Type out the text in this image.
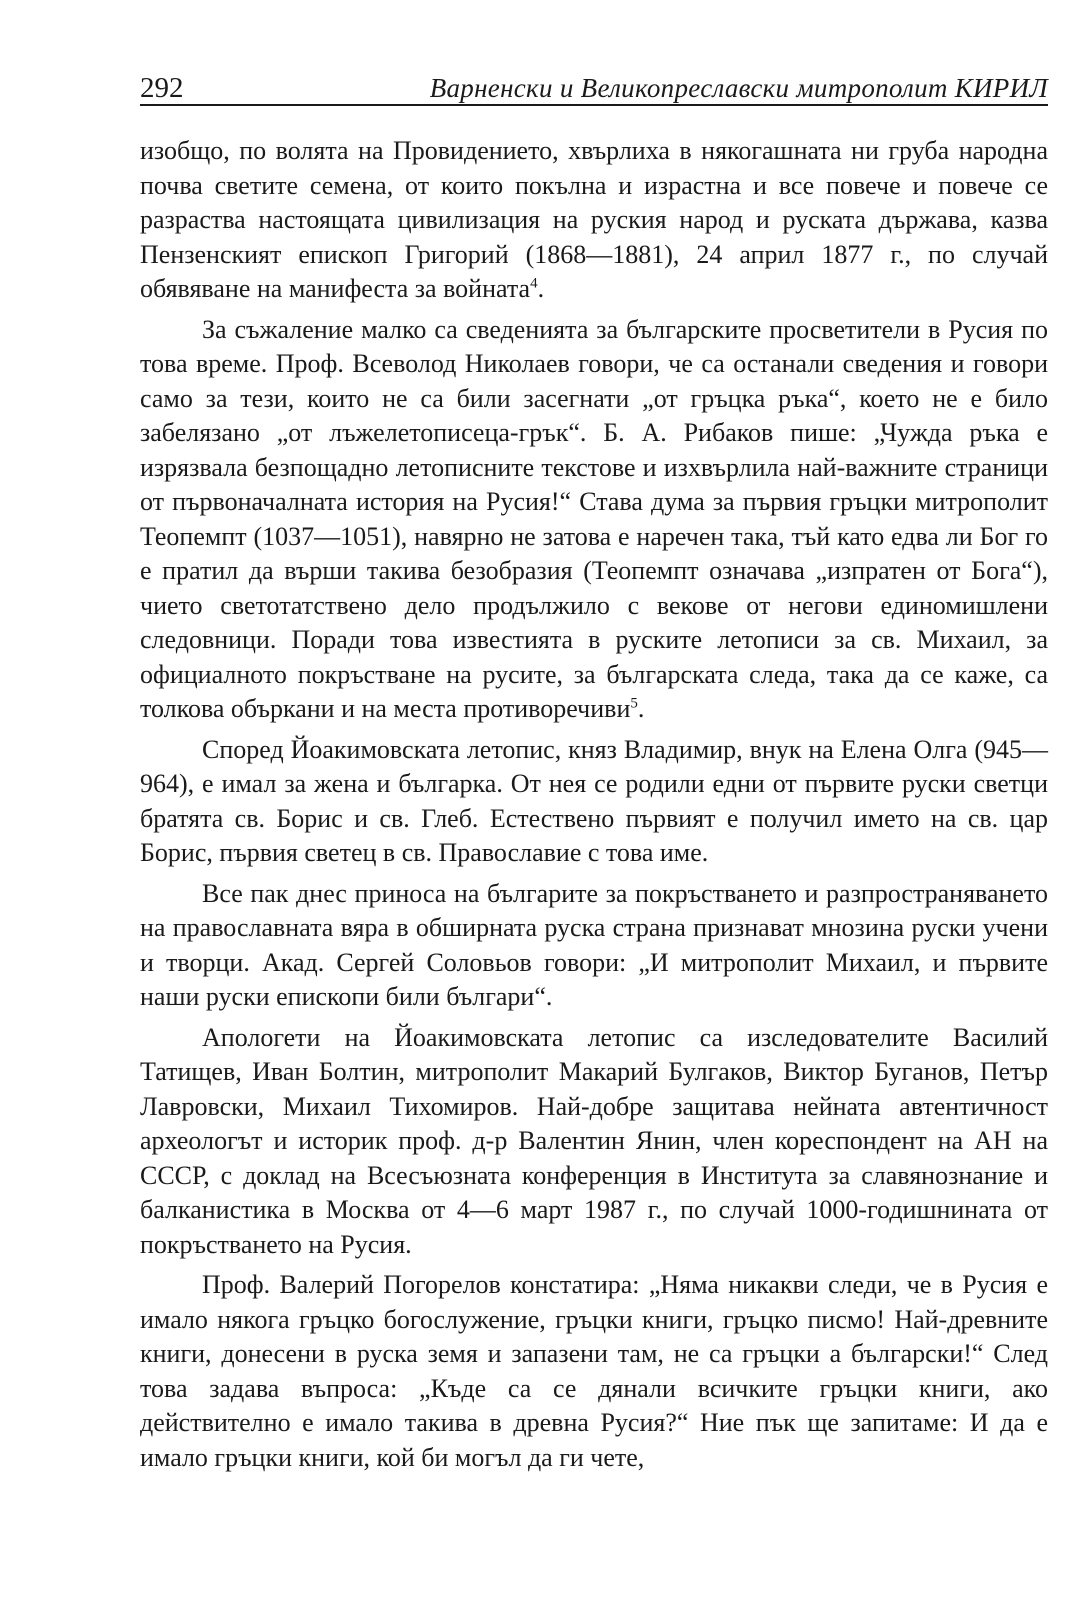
292	Варненски и Великопреславски митрополит КИРИЛ

изобщо, по волята на Провидението, хвърлиха в някогашната ни груба народна почва светите семена, от които покълна и израстна и все повече и повече се разраства настоящата цивилизация на руския народ и руската държава, казва Пензенският епископ Григорий (1868—1881), 24 април 1877 г., по случай обявяване на манифеста за войната$^4$.

За съжаление малко са сведенията за българските просветители в Русия по това време. Проф. Всеволод Николаев говори, че са останали сведения и говори само за тези, които не са били засегнати „от гръцка ръка“, което не е било забелязано „от лъжелетописеца-грък“. Б. А. Рибаков пише: „Чужда ръка е изрязвала безпощадно летописните текстове и изхвърлила най-важните страници от първоначалната история на Русия!“ Става дума за първия гръцки митрополит Теопемпт (1037—1051), навярно не затова е наречен така, тъй като едва ли Бог го е пратил да върши такива безобразия (Теопемпт означава „изпратен от Бога“), чието светотатствено дело продължило с векове от негови единомишлени следовници. Поради това известията в руските летописи за св. Михаил, за официалното покръстване на русите, за българската следа, така да се каже, са толкова объркани и на места противоречиви$^5$.

Според Йоакимовската летопис, княз Владимир, внук на Елена Олга (945—964), е имал за жена и българка. От нея се родили едни от първите руски светци братята св. Борис и св. Глеб. Естествено първият е получил името на св. цар Борис, първия светец в св. Православие с това име.

Все пак днес приноса на българите за покръстването и разпространяването на православната вяра в обширната руска страна признават мнозина руски учени и творци. Акад. Сергей Соловьов говори: „И митрополит Михаил, и първите наши руски епископи били българи“.

Апологети на Йоакимовската летопис са изследователите Василий Татищев, Иван Болтин, митрополит Макарий Булгаков, Виктор Буганов, Петър Лавровски, Михаил Тихомиров. Най-добре защитава нейната автентичност археологът и историк проф. д-р Валентин Янин, член кореспондент на АН на СССР, с доклад на Всесъюзната конференция в Института за славянознание и балканистика в Москва от 4—6 март 1987 г., по случай 1000-годишнината от покръстването на Русия.

Проф. Валерий Погорелов констатира: „Няма никакви следи, че в Русия е имало някога гръцко богослужение, гръцки книги, гръцко писмо! Най-древните книги, донесени в руска земя и запазени там, не са гръцки а български!“ След това задава въпроса: „Къде са се дянали всичките гръцки книги, ако действително е имало такива в древна Русия?“ Ние пък ще запитаме: И да е имало гръцки книги, кой би могъл да ги чете,
